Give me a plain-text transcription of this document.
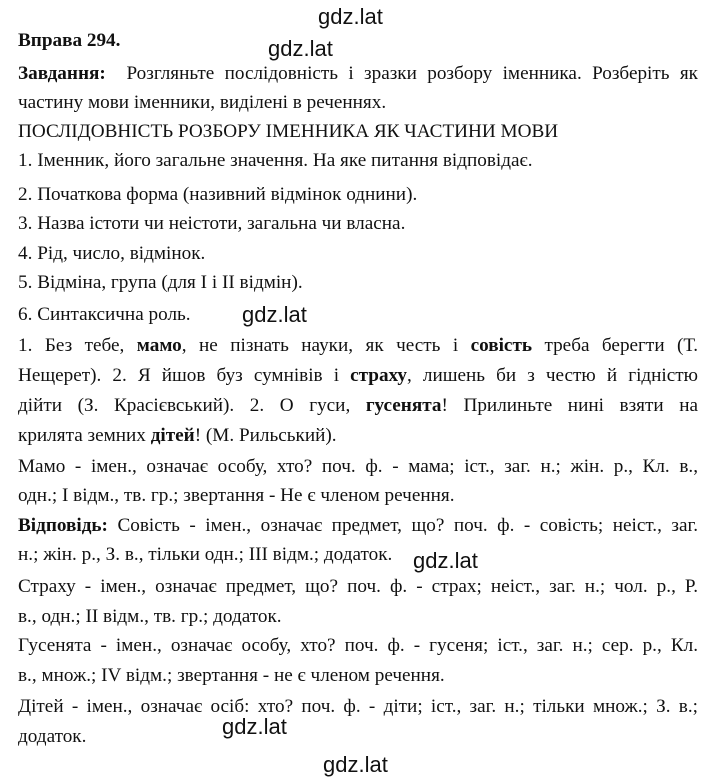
Вправа 294.
Завдання: Розгляньте послідовність і зразки розбору іменника. Розберіть як
частину мови іменники, виділені в реченнях.
ПОСЛІДОВНІСТЬ РОЗБОРУ ІМЕННИКА ЯК ЧАСТИНИ МОВИ
1. Іменник, його загальне значення. На яке питання відповідає.
2. Початкова форма (називний відмінок однини).
3. Назва істоти чи неістоти, загальна чи власна.
4. Рід, число, відмінок.
5. Відміна, група (для І і ІІ відмін).
6. Синтаксична роль.
1. Без тебе, мамо, не пізнать науки, як честь і совість треба берегти (Т.
Нещерет). 2. Я йшов буз сумнівів і страху, лишень би з честю й гідністю
дійти (З. Красієвський). 2. О гуси, гусенята! Прилиньте нині взяти на
крилята земних дітей! (М. Рильський).
Мамо - імен., означає особу, хто? поч. ф. - мама; іст., заг. н.; жін. р., Кл. в.,
одн.; І відм., тв. гр.; звертання - Не є членом речення.
Відповідь: Совість - імен., означає предмет, що? поч. ф. - совість; неіст., заг.
н.; жін. р., З. в., тільки одн.; ІІІ відм.; додаток.
Страху - імен., означає предмет, що? поч. ф. - страх; неіст., заг. н.; чол. р., Р.
в., одн.; ІІ відм., тв. гр.; додаток.
Гусенята - імен., означає особу, хто? поч. ф. - гусеня; іст., заг. н.; сер. р., Кл.
в., множ.; IV відм.; звертання - не є членом речення.
Дітей - імен., означає осіб: хто? поч. ф. - діти; іст., заг. н.; тільки множ.; З. в.;
додаток.
gdz.lat
gdz.lat
gdz.lat
gdz.lat
gdz.lat
gdz.lat
